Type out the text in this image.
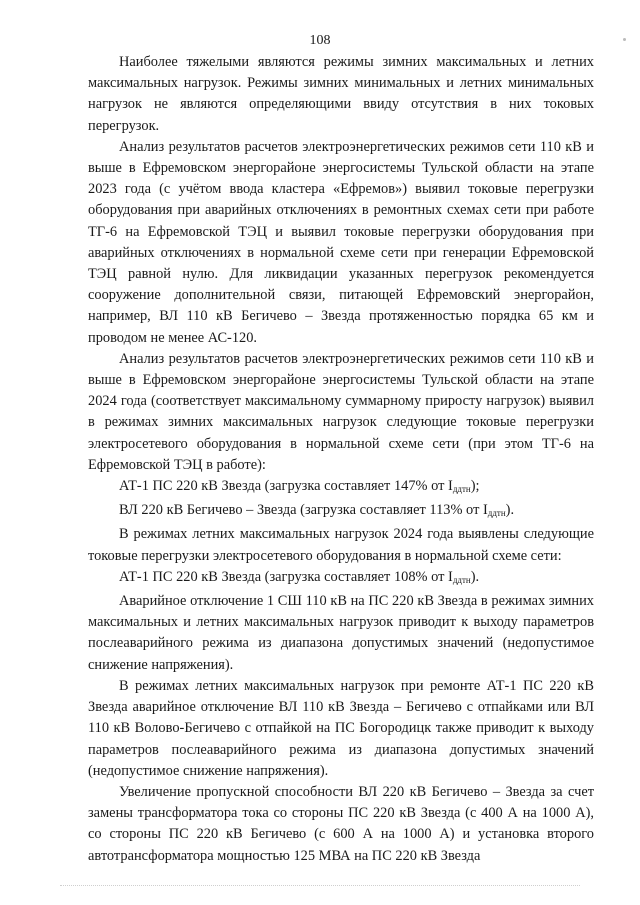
108

Наиболее тяжелыми являются режимы зимних максимальных и летних максимальных нагрузок. Режимы зимних минимальных и летних минимальных нагрузок не являются определяющими ввиду отсутствия в них токовых перегрузок.

Анализ результатов расчетов электроэнергетических режимов сети 110 кВ и выше в Ефремовском энергорайоне энергосистемы Тульской области на этапе 2023 года (с учётом ввода кластера «Ефремов») выявил токовые перегрузки оборудования при аварийных отключениях в ремонтных схемах сети при работе ТГ-6 на Ефремовской ТЭЦ и выявил токовые перегрузки оборудования при аварийных отключениях в нормальной схеме сети при генерации Ефремовской ТЭЦ равной нулю. Для ликвидации указанных перегрузок рекомендуется сооружение дополнительной связи, питающей Ефремовский энергорайон, например, ВЛ 110 кВ Бегичево – Звезда протяженностью порядка 65 км и проводом не менее АС-120.

Анализ результатов расчетов электроэнергетических режимов сети 110 кВ и выше в Ефремовском энергорайоне энергосистемы Тульской области на этапе 2024 года (соответствует максимальному суммарному приросту нагрузок) выявил в режимах зимних максимальных нагрузок следующие токовые перегрузки электросетевого оборудования в нормальной схеме сети (при этом ТГ-6 на Ефремовской ТЭЦ в работе):

АТ-1 ПС 220 кВ Звезда (загрузка составляет 147% от $I_{ддтн}$);

ВЛ 220 кВ Бегичево – Звезда (загрузка составляет 113% от $I_{ддтн}$).

В режимах летних максимальных нагрузок 2024 года выявлены следующие токовые перегрузки электросетевого оборудования в нормальной схеме сети:

АТ-1 ПС 220 кВ Звезда (загрузка составляет 108% от $I_{ддтн}$).

Аварийное отключение 1 СШ 110 кВ на ПС 220 кВ Звезда в режимах зимних максимальных и летних максимальных нагрузок приводит к выходу параметров послеаварийного режима из диапазона допустимых значений (недопустимое снижение напряжения).

В режимах летних максимальных нагрузок при ремонте АТ-1 ПС 220 кВ Звезда аварийное отключение ВЛ 110 кВ Звезда – Бегичево с отпайками или ВЛ 110 кВ Волово-Бегичево с отпайкой на ПС Богородицк также приводит к выходу параметров послеаварийного режима из диапазона допустимых значений (недопустимое снижение напряжения).

Увеличение пропускной способности ВЛ 220 кВ Бегичево – Звезда за счет замены трансформатора тока со стороны ПС 220 кВ Звезда (с 400 А на 1000 А), со стороны ПС 220 кВ Бегичево (с 600 А на 1000 А) и установка второго автотрансформатора мощностью 125 МВА на ПС 220 кВ Звезда
